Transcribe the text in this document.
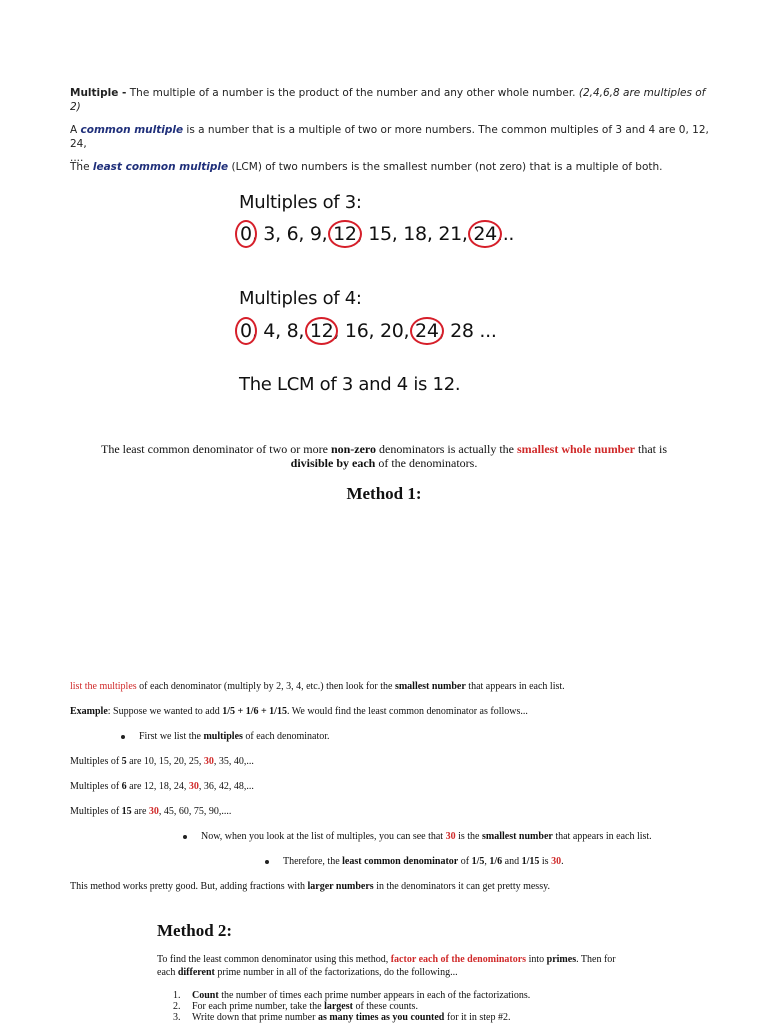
Multiple - The multiple of a number is the product of the number and any other whole number. (2,4,6,8 are multiples of 2)
A common multiple is a number that is a multiple of two or more numbers. The common multiples of 3 and 4 are 0, 12, 24,
....
The least common multiple (LCM) of two numbers is the smallest number (not zero) that is a multiple of both.
Multiples of 3:
0, 3, 6, 9, 12, 15, 18, 21, 24...
Multiples of 4:
0, 4, 8, 12, 16, 20, 24, 28 ...
The LCM of 3 and 4 is 12.
The least common denominator of two or more non-zero denominators is actually the smallest whole number that is
divisible by each of the denominators.
Method 1:
list the multiples of each denominator (multiply by 2, 3, 4, etc.) then look for the smallest number that appears in each list.
Example: Suppose we wanted to add 1/5 + 1/6 + 1/15. We would find the least common denominator as follows...
First we list the multiples of each denominator.
Multiples of 5 are 10, 15, 20, 25, 30, 35, 40,...
Multiples of 6 are 12, 18, 24, 30, 36, 42, 48,...
Multiples of 15 are 30, 45, 60, 75, 90,....
Now, when you look at the list of multiples, you can see that 30 is the smallest number that appears in each list.
Therefore, the least common denominator of 1/5, 1/6 and 1/15 is 30.
This method works pretty good. But, adding fractions with larger numbers in the denominators it can get pretty messy.
Method 2:
To find the least common denominator using this method, factor each of the denominators into primes. Then for
each different prime number in all of the factorizations, do the following...
1. Count the number of times each prime number appears in each of the factorizations.
2. For each prime number, take the largest of these counts.
3. Write down that prime number as many times as you counted for it in step #2.
